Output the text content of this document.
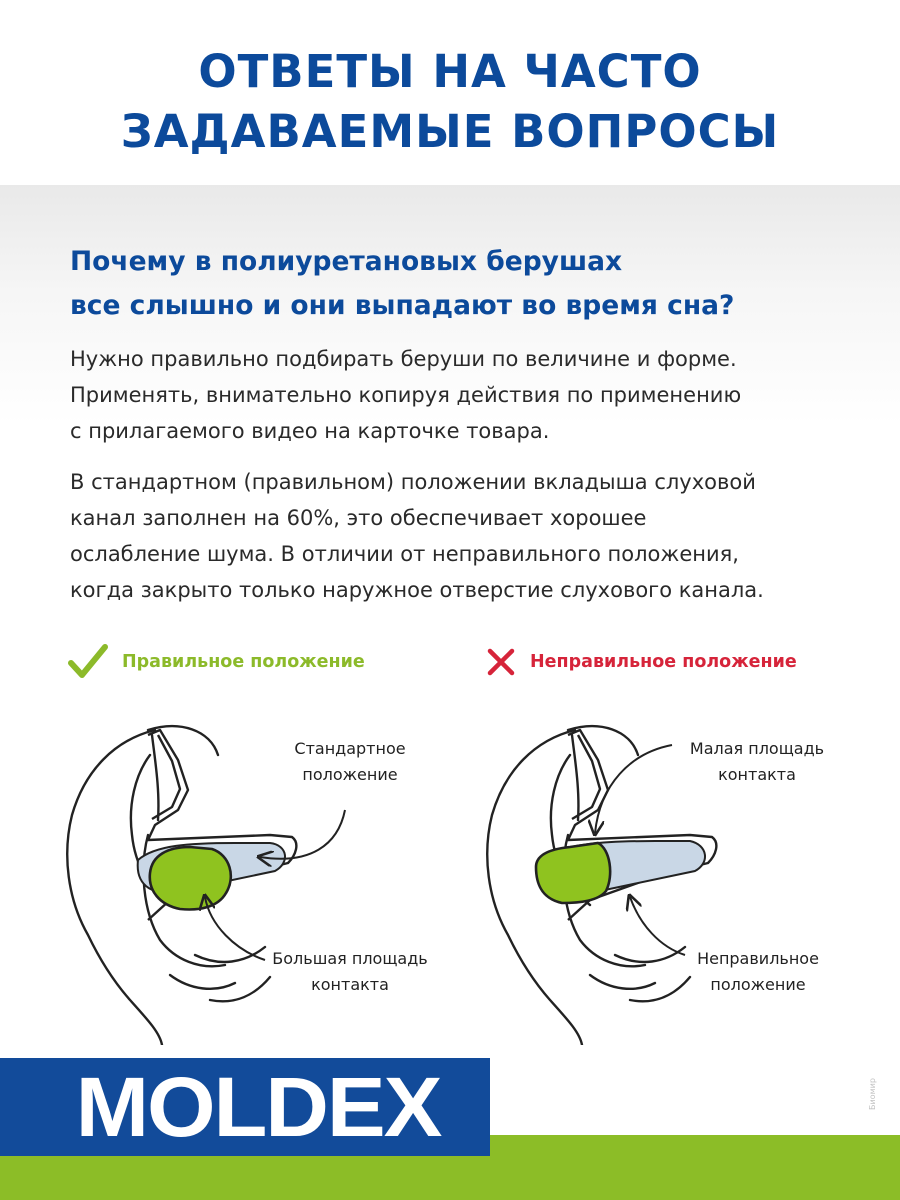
ОТВЕТЫ НА ЧАСТО
ЗАДАВАЕМЫЕ ВОПРОСЫ
Почему в полиуретановых берушах
все слышно и они выпадают во время сна?
Нужно правильно подбирать беруши по величине и форме.
Применять, внимательно копируя действия по применению
с прилагаемого видео на карточке товара.
В стандартном (правильном) положении вкладыша слуховой
канал заполнен на 60%, это обеспечивает хорошее
ослабление шума. В отличии от неправильного положения,
когда закрыто только наружное отверстие слухового канала.
Правильное положение	Неправильное положение
Стандартное
положение
Большая площадь
контакта
Малая площадь
контакта
Неправильное
положение
MOLDEX	Биомир
